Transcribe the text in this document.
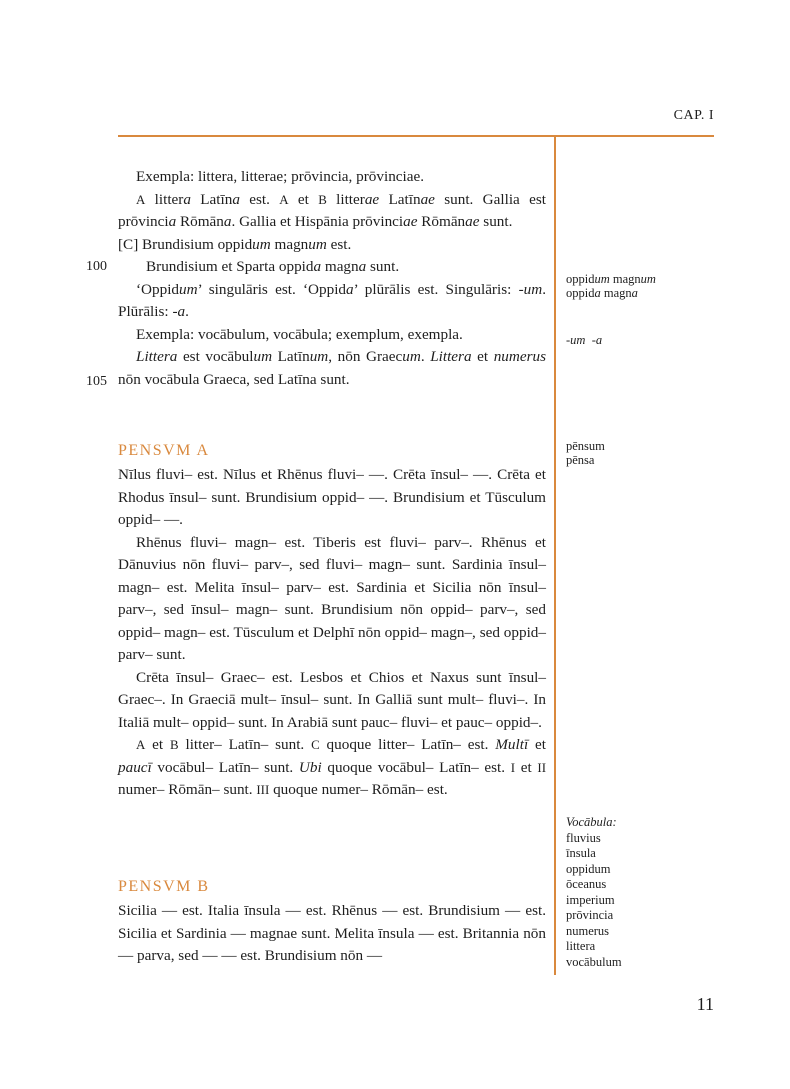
CAP. I
100
105

Exempla: littera, litterae; prōvincia, prōvinciae.

A littera Latīna est. A et B litterae Latīnae sunt. Gallia est prōvincia Rōmāna. Gallia et Hispānia prōvinciae Rōmānae sunt.

[C] Brundisium oppidum magnum est.

Brundisium et Sparta oppida magna sunt.

‘Oppidum’ singulāris est. ‘Oppida’ plūrālis est. Singulāris: -um. Plūrālis: -a.

Exempla: vocābulum, vocābula; exemplum, exempla.

Littera est vocābulum Latīnum, nōn Graecum. Littera et numerus nōn vocābula Graeca, sed Latīna sunt.

PENSVM A

Nīlus fluvi– est. Nīlus et Rhēnus fluvi– —. Crēta īnsul– —. Crēta et Rhodus īnsul– sunt. Brundisium oppid– —. Brundisium et Tūsculum oppid– —.

Rhēnus fluvi– magn– est. Tiberis est fluvi– parv–. Rhēnus et Dānuvius nōn fluvi– parv–, sed fluvi– magn– sunt. Sardinia īnsul– magn– est. Melita īnsul– parv– est. Sardinia et Sicilia nōn īnsul– parv–, sed īnsul– magn– sunt. Brundisium nōn oppid– parv–, sed oppid– magn– est. Tūsculum et Delphī nōn oppid– magn–, sed oppid– parv– sunt.

Crēta īnsul– Graec– est. Lesbos et Chios et Naxus sunt īnsul– Graec–. In Graeciā mult– īnsul– sunt. In Galliā sunt mult– fluvi–. In Italiā mult– oppid– sunt. In Arabiā sunt pauc– fluvi– et pauc– oppid–.

A et B litter– Latīn– sunt. C quoque litter– Latīn– est. Multī et paucī vocābul– Latīn– sunt. Ubi quoque vocābul– Latīn– est. I et II numer– Rōmān– sunt. III quoque numer– Rōmān– est.

PENSVM B

Sicilia — est. Italia īnsula — est. Rhēnus — est. Brundisium — est. Sicilia et Sardinia — magnae sunt. Melita īnsula — est. Britannia nōn — parva, sed — — est. Brundisium nōn —

oppidum magnum
oppida magna
-um  -a
pēnsum
pēnsa
Vocābula:
fluvius
īnsula
oppidum
ōceanus
imperium
prōvincia
numerus
littera
vocābulum
11
